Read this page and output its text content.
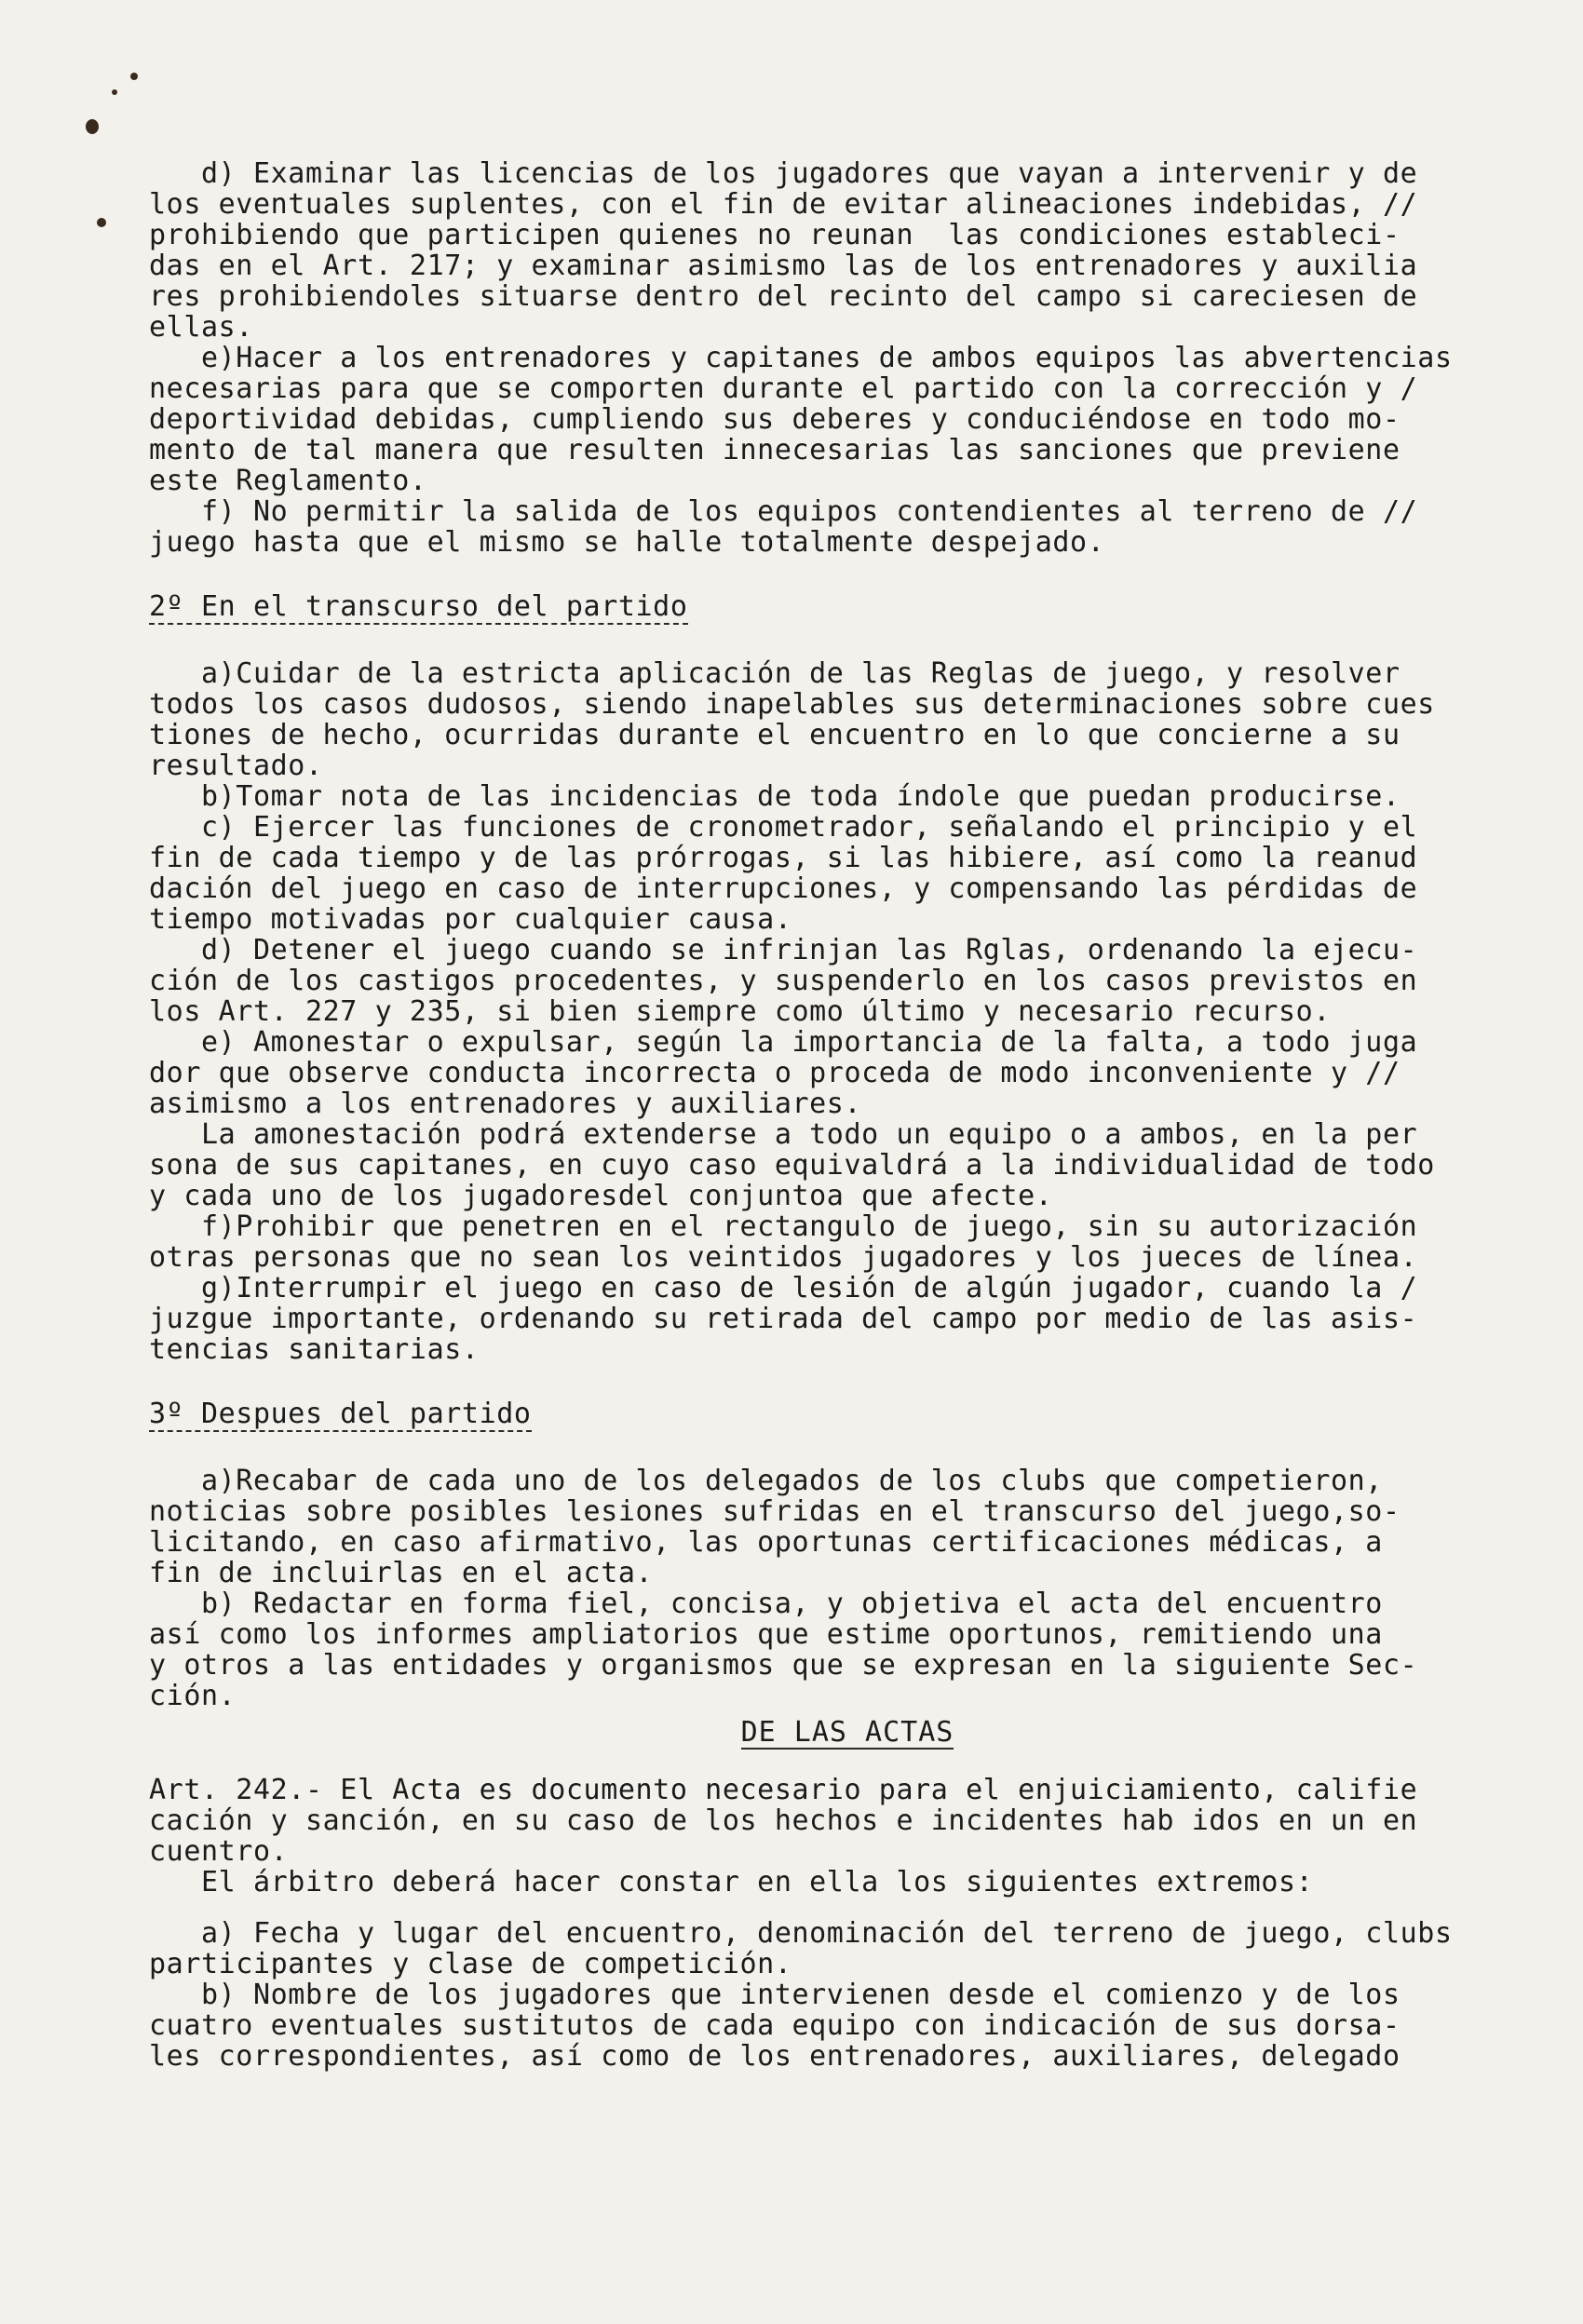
d) Examinar las licencias de los jugadores que vayan a intervenir y de
los eventuales suplentes, con el fin de evitar alineaciones indebidas, //
prohibiendo que participen quienes no reunan  las condiciones estableci-
das en el Art. 217; y examinar asimismo las de los entrenadores y auxilia
res prohibiendoles situarse dentro del recinto del campo si careciesen de
ellas.
e)Hacer a los entrenadores y capitanes de ambos equipos las abvertencias
necesarias para que se comporten durante el partido con la corrección y /
deportividad debidas, cumpliendo sus deberes y conduciéndose en todo mo-
mento de tal manera que resulten innecesarias las sanciones que previene
este Reglamento.
f) No permitir la salida de los equipos contendientes al terreno de //
juego hasta que el mismo se halle totalmente despejado.
2º En el transcurso del partido
a)Cuidar de la estricta aplicación de las Reglas de juego, y resolver
todos los casos dudosos, siendo inapelables sus determinaciones sobre cues
tiones de hecho, ocurridas durante el encuentro en lo que concierne a su
resultado.
b)Tomar nota de las incidencias de toda índole que puedan producirse.
c) Ejercer las funciones de cronometrador, señalando el principio y el
fin de cada tiempo y de las prórrogas, si las hibiere, así como la reanud
dación del juego en caso de interrupciones, y compensando las pérdidas de
tiempo motivadas por cualquier causa.
d) Detener el juego cuando se infrinjan las Rglas, ordenando la ejecu-
ción de los castigos procedentes, y suspenderlo en los casos previstos en
los Art. 227 y 235, si bien siempre como último y necesario recurso.
e) Amonestar o expulsar, según la importancia de la falta, a todo juga
dor que observe conducta incorrecta o proceda de modo inconveniente y //
asimismo a los entrenadores y auxiliares.
La amonestación podrá extenderse a todo un equipo o a ambos, en la per
sona de sus capitanes, en cuyo caso equivaldrá a la individualidad de todo
y cada uno de los jugadoresdel conjuntoa que afecte.
f)Prohibir que penetren en el rectangulo de juego, sin su autorización
otras personas que no sean los veintidos jugadores y los jueces de línea.
g)Interrumpir el juego en caso de lesión de algún jugador, cuando la /
juzgue importante, ordenando su retirada del campo por medio de las asis-
tencias sanitarias.
3º Despues del partido
a)Recabar de cada uno de los delegados de los clubs que competieron,
noticias sobre posibles lesiones sufridas en el transcurso del juego,so-
licitando, en caso afirmativo, las oportunas certificaciones médicas, a
fin de incluirlas en el acta.
b) Redactar en forma fiel, concisa, y objetiva el acta del encuentro
así como los informes ampliatorios que estime oportunos, remitiendo una
y otros a las entidades y organismos que se expresan en la siguiente Sec-
ción.
DE LAS ACTAS
Art. 242.- El Acta es documento necesario para el enjuiciamiento, califie
cación y sanción, en su caso de los hechos e incidentes hab idos en un en
cuentro.
El árbitro deberá hacer constar en ella los siguientes extremos:
a) Fecha y lugar del encuentro, denominación del terreno de juego, clubs
participantes y clase de competición.
b) Nombre de los jugadores que intervienen desde el comienzo y de los
cuatro eventuales sustitutos de cada equipo con indicación de sus dorsa-
les correspondientes, así como de los entrenadores, auxiliares, delegado
